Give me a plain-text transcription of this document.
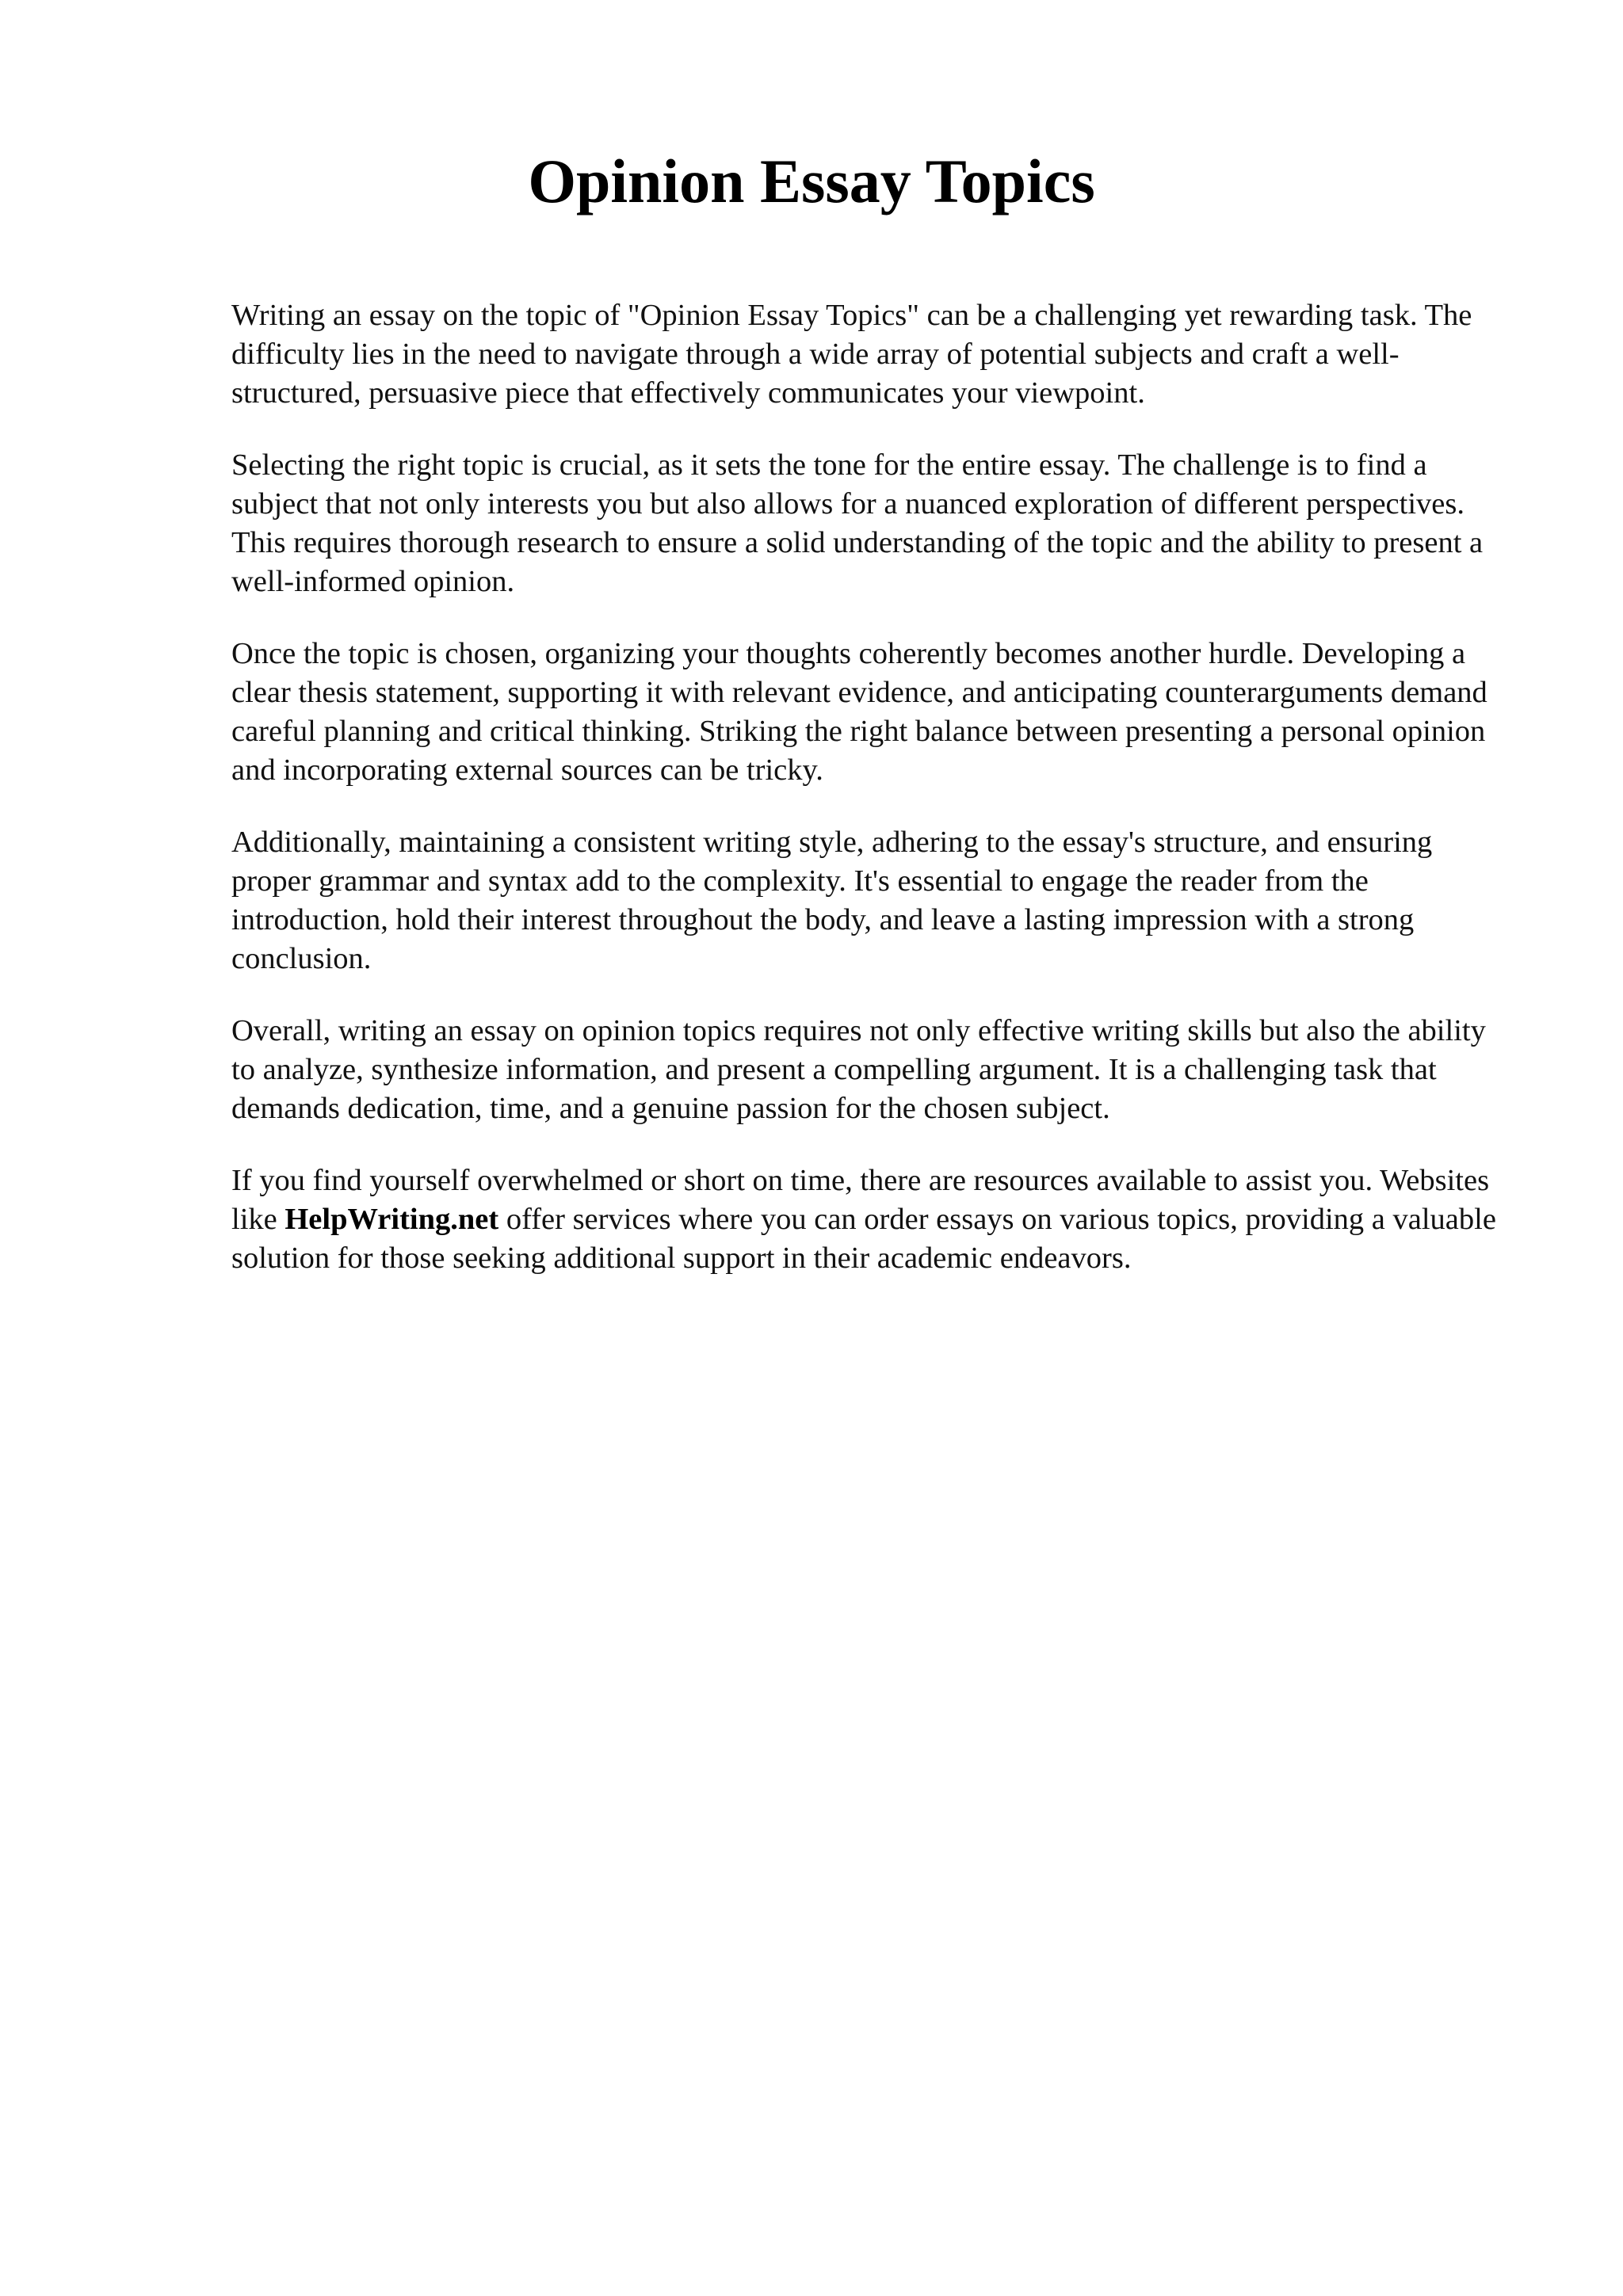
Opinion Essay Topics

Writing an essay on the topic of "Opinion Essay Topics" can be a challenging yet rewarding task. The difficulty lies in the need to navigate through a wide array of potential subjects and craft a well-structured, persuasive piece that effectively communicates your viewpoint.

Selecting the right topic is crucial, as it sets the tone for the entire essay. The challenge is to find a subject that not only interests you but also allows for a nuanced exploration of different perspectives. This requires thorough research to ensure a solid understanding of the topic and the ability to present a well-informed opinion.

Once the topic is chosen, organizing your thoughts coherently becomes another hurdle. Developing a clear thesis statement, supporting it with relevant evidence, and anticipating counterarguments demand careful planning and critical thinking. Striking the right balance between presenting a personal opinion and incorporating external sources can be tricky.

Additionally, maintaining a consistent writing style, adhering to the essay's structure, and ensuring proper grammar and syntax add to the complexity. It's essential to engage the reader from the introduction, hold their interest throughout the body, and leave a lasting impression with a strong conclusion.

Overall, writing an essay on opinion topics requires not only effective writing skills but also the ability to analyze, synthesize information, and present a compelling argument. It is a challenging task that demands dedication, time, and a genuine passion for the chosen subject.

If you find yourself overwhelmed or short on time, there are resources available to assist you. Websites like HelpWriting.net offer services where you can order essays on various topics, providing a valuable solution for those seeking additional support in their academic endeavors.
